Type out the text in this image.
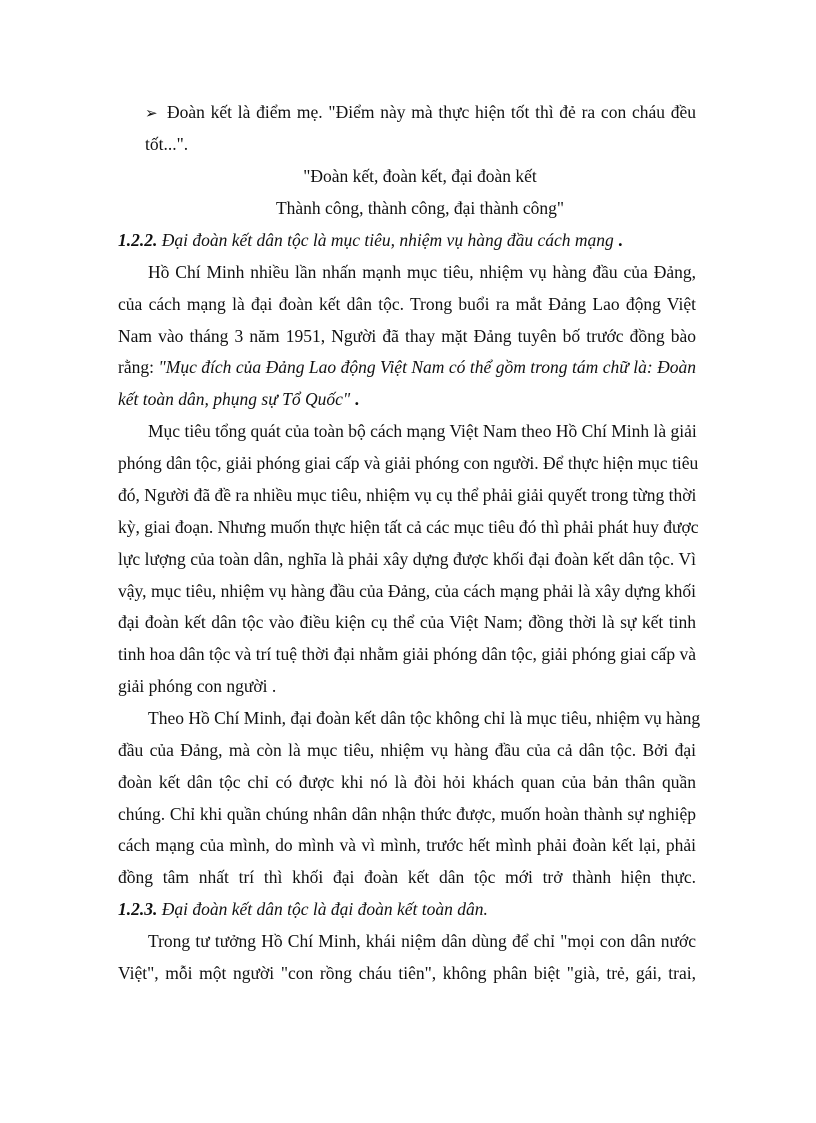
➢ Đoàn kết là điểm mẹ. "Điểm này mà thực hiện tốt thì đẻ ra con cháu đều
tốt...".
"Đoàn kết, đoàn kết, đại đoàn kết
Thành công, thành công, đại thành công"
1.2.2. Đại đoàn kết dân tộc là mục tiêu, nhiệm vụ hàng đầu cách mạng .
Hồ Chí Minh nhiều lần nhấn mạnh mục tiêu, nhiệm vụ hàng đầu của Đảng,
của cách mạng là đại đoàn kết dân tộc. Trong buổi ra mắt Đảng Lao động Việt
Nam vào tháng 3 năm 1951, Người đã thay mặt Đảng tuyên bố trước đồng bào
rằng: "Mục đích của Đảng Lao động Việt Nam có thể gồm trong tám chữ là: Đoàn
kết toàn dân, phụng sự Tổ Quốc" .
Mục tiêu tổng quát của toàn bộ cách mạng Việt Nam theo Hồ Chí Minh là giải
phóng dân tộc, giải phóng giai cấp và giải phóng con người. Để thực hiện mục tiêu
đó, Người đã đề ra nhiều mục tiêu, nhiệm vụ cụ thể phải giải quyết trong từng thời
kỳ, giai đoạn. Nhưng muốn thực hiện tất cả các mục tiêu đó thì phải phát huy được
lực lượng của toàn dân, nghĩa là phải xây dựng được khối đại đoàn kết dân tộc. Vì
vậy, mục tiêu, nhiệm vụ hàng đầu của Đảng, của cách mạng phải là xây dựng khối
đại đoàn kết dân tộc vào điều kiện cụ thể của Việt Nam; đồng thời là sự kết tinh
tinh hoa dân tộc và trí tuệ thời đại nhằm giải phóng dân tộc, giải phóng giai cấp và
giải phóng con người .
Theo Hồ Chí Minh, đại đoàn kết dân tộc không chỉ là mục tiêu, nhiệm vụ hàng
đầu của Đảng, mà còn là mục tiêu, nhiệm vụ hàng đầu của cả dân tộc. Bởi đại
đoàn kết dân tộc chỉ có được khi nó là đòi hỏi khách quan của bản thân quần
chúng. Chỉ khi quần chúng nhân dân nhận thức được, muốn hoàn thành sự nghiệp
cách mạng của mình, do mình và vì mình, trước hết mình phải đoàn kết lại, phải
đồng tâm nhất trí thì khối đại đoàn kết dân tộc mới trở thành hiện thực.
1.2.3. Đại đoàn kết dân tộc là đại đoàn kết toàn dân.
Trong tư tưởng Hồ Chí Minh, khái niệm dân dùng để chỉ "mọi con dân nước
Việt", mỗi một người "con rồng cháu tiên", không phân biệt "già, trẻ, gái, trai,
